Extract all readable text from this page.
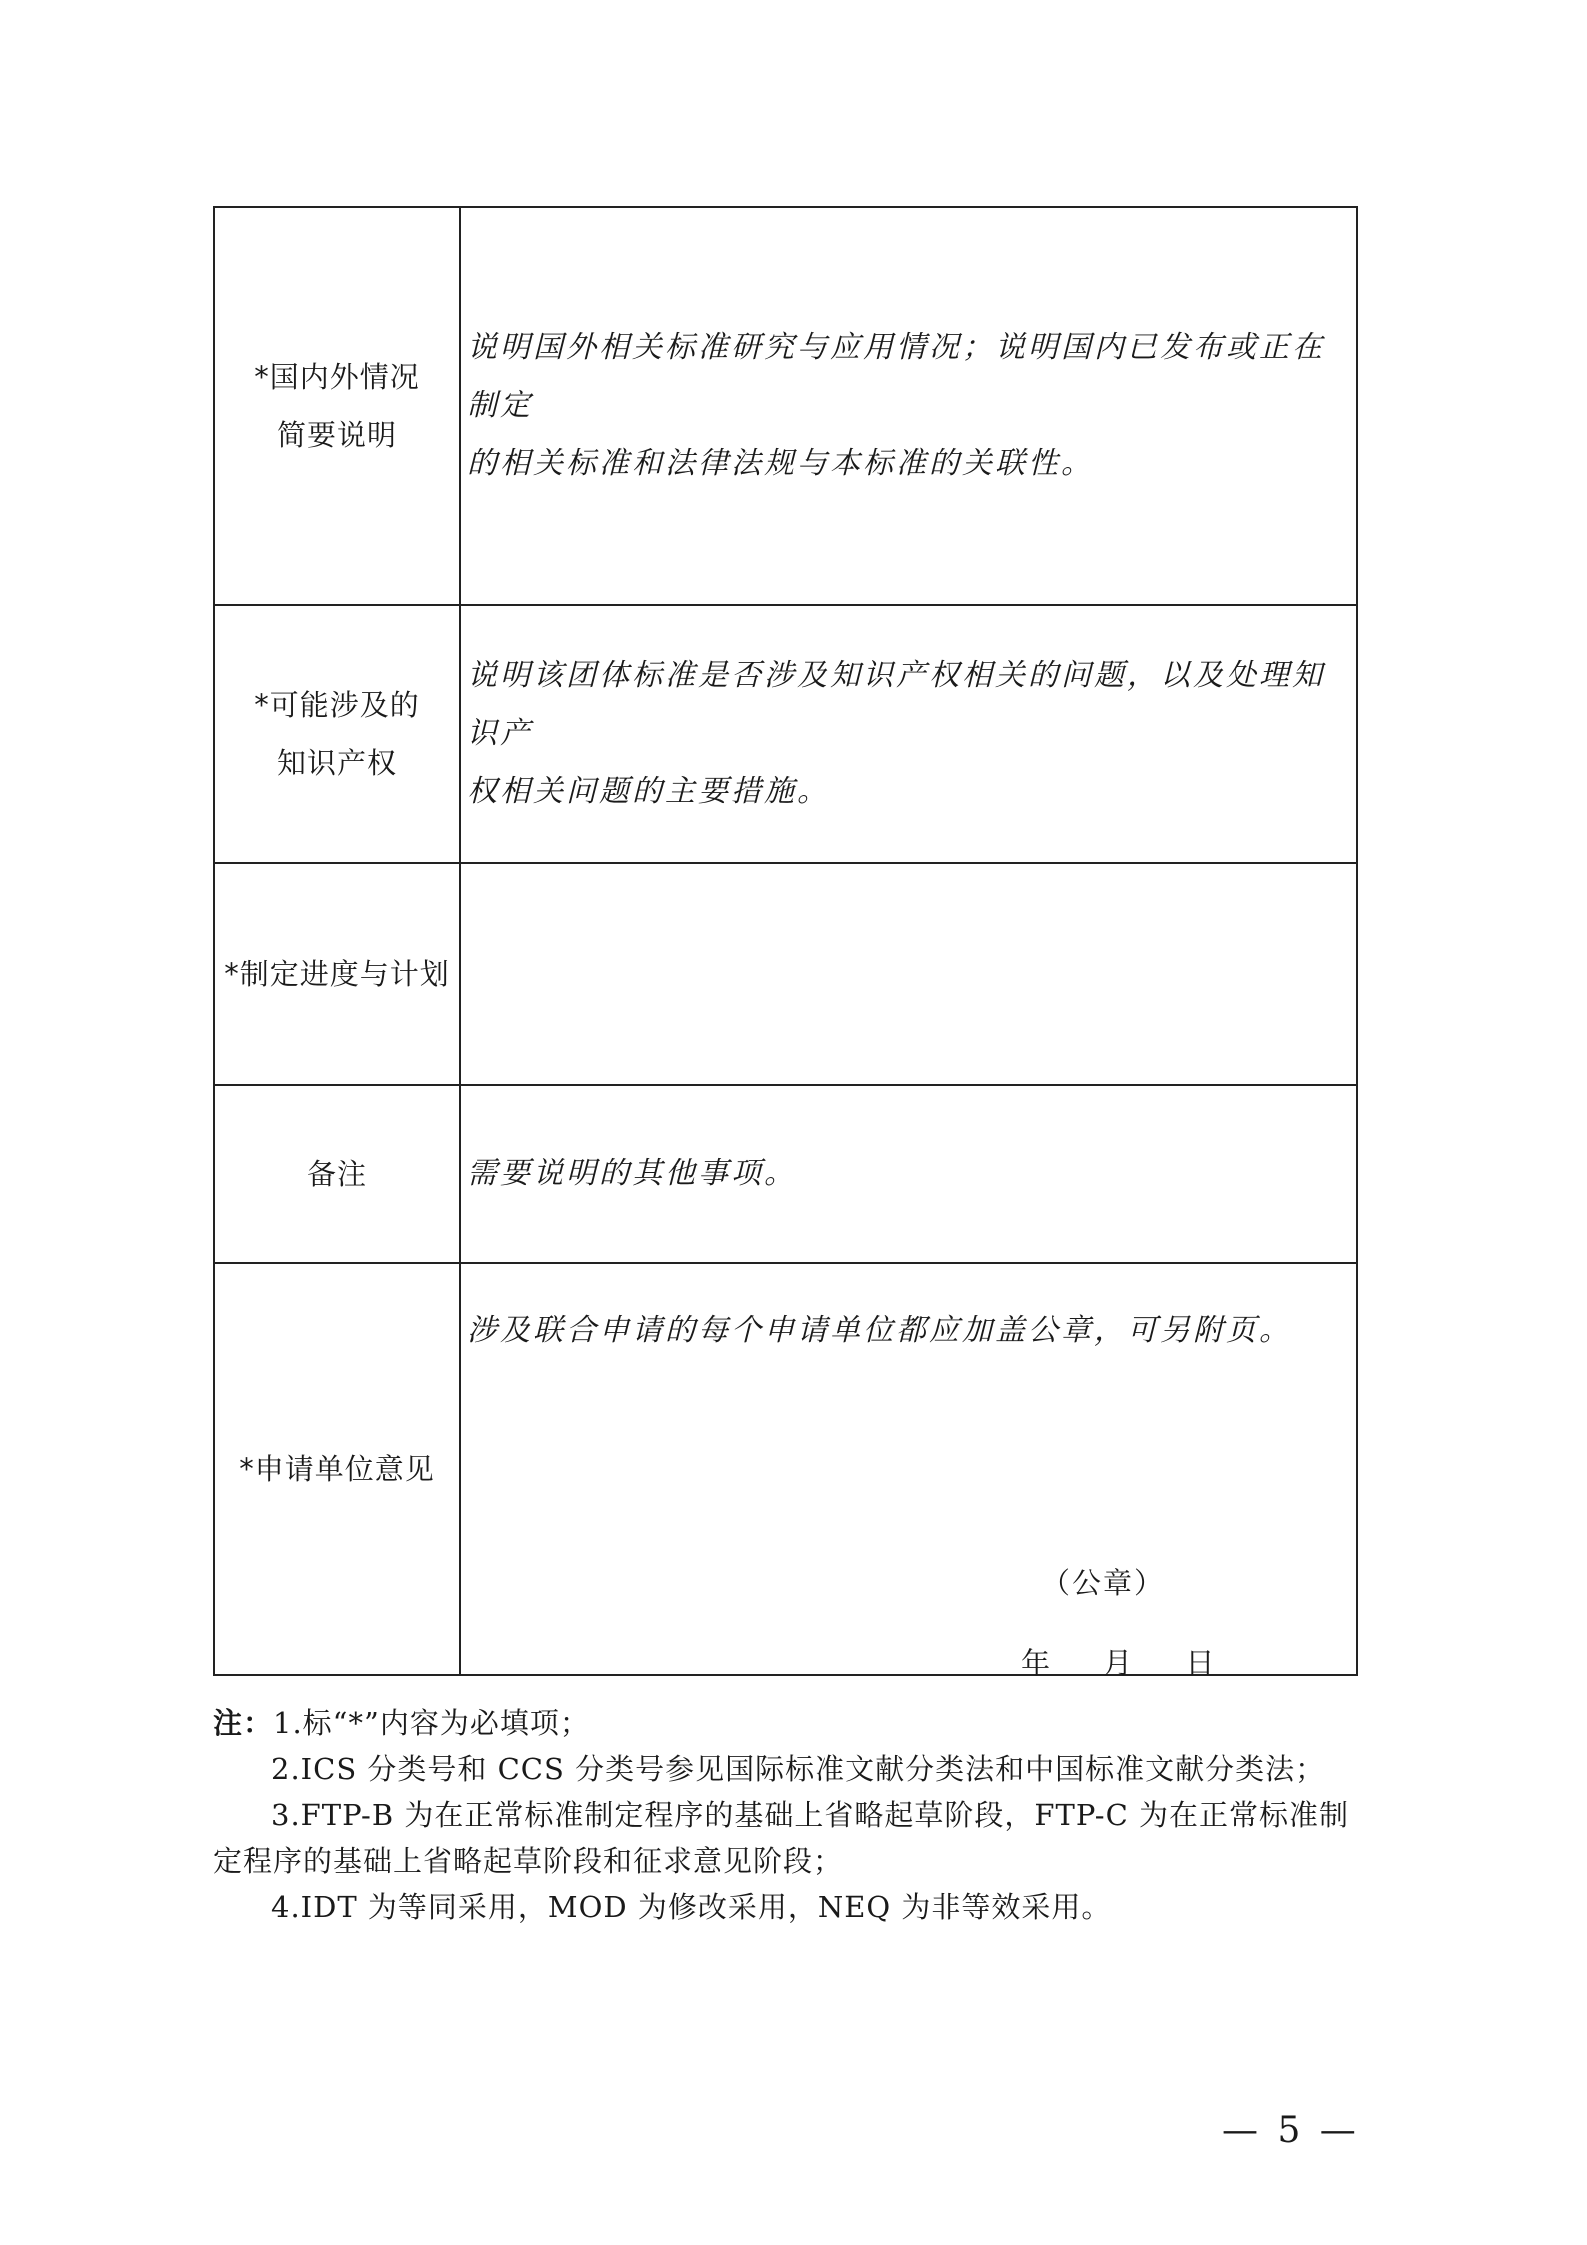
*国内外情况
简要说明	说明国外相关标准研究与应用情况；说明国内已发布或正在制定
的相关标准和法律法规与本标准的关联性。

*可能涉及的
知识产权	说明该团体标准是否涉及知识产权相关的问题，以及处理知识产
权相关问题的主要措施。

*制定进度与计划	

备注	需要说明的其他事项。

*申请单位意见	涉及联合申请的每个申请单位都应加盖公章，可另附页。
（公章）
年 月 日
注：1.标“*”内容为必填项；
2.ICS 分类号和 CCS 分类号参见国际标准文献分类法和中国标准文献分类法；
3.FTP-B 为在正常标准制定程序的基础上省略起草阶段，FTP-C 为在正常标准制
定程序的基础上省略起草阶段和征求意见阶段；
4.IDT 为等同采用，MOD 为修改采用，NEQ 为非等效采用。
— 5 —
